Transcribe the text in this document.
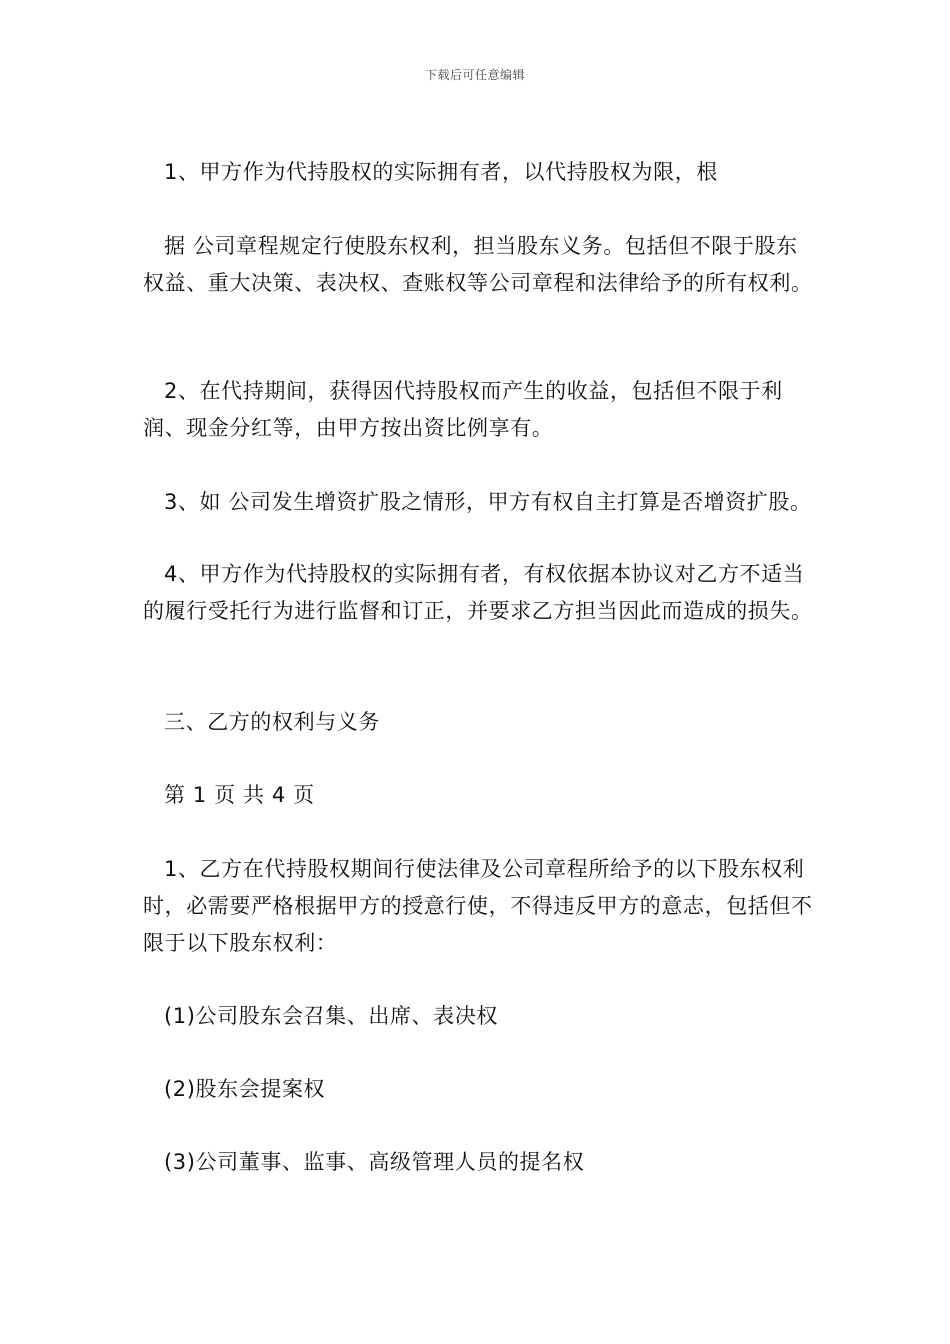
下载后可任意编辑
1、甲方作为代持股权的实际拥有者，以代持股权为限，根
据 公司章程规定行使股东权利，担当股东义务。包括但不限于股东权益、重大决策、表决权、查账权等公司章程和法律给予的所有权利。
2、在代持期间，获得因代持股权而产生的收益，包括但不限于利润、现金分红等，由甲方按出资比例享有。
3、如 公司发生增资扩股之情形，甲方有权自主打算是否增资扩股。
4、甲方作为代持股权的实际拥有者，有权依据本协议对乙方不适当的履行受托行为进行监督和订正，并要求乙方担当因此而造成的损失。
三、乙方的权利与义务
第 1 页 共 4 页
1、乙方在代持股权期间行使法律及公司章程所给予的以下股东权利时，必需要严格根据甲方的授意行使，不得违反甲方的意志，包括但不限于以下股东权利：
(1)公司股东会召集、出席、表决权
(2)股东会提案权
(3)公司董事、监事、高级管理人员的提名权
